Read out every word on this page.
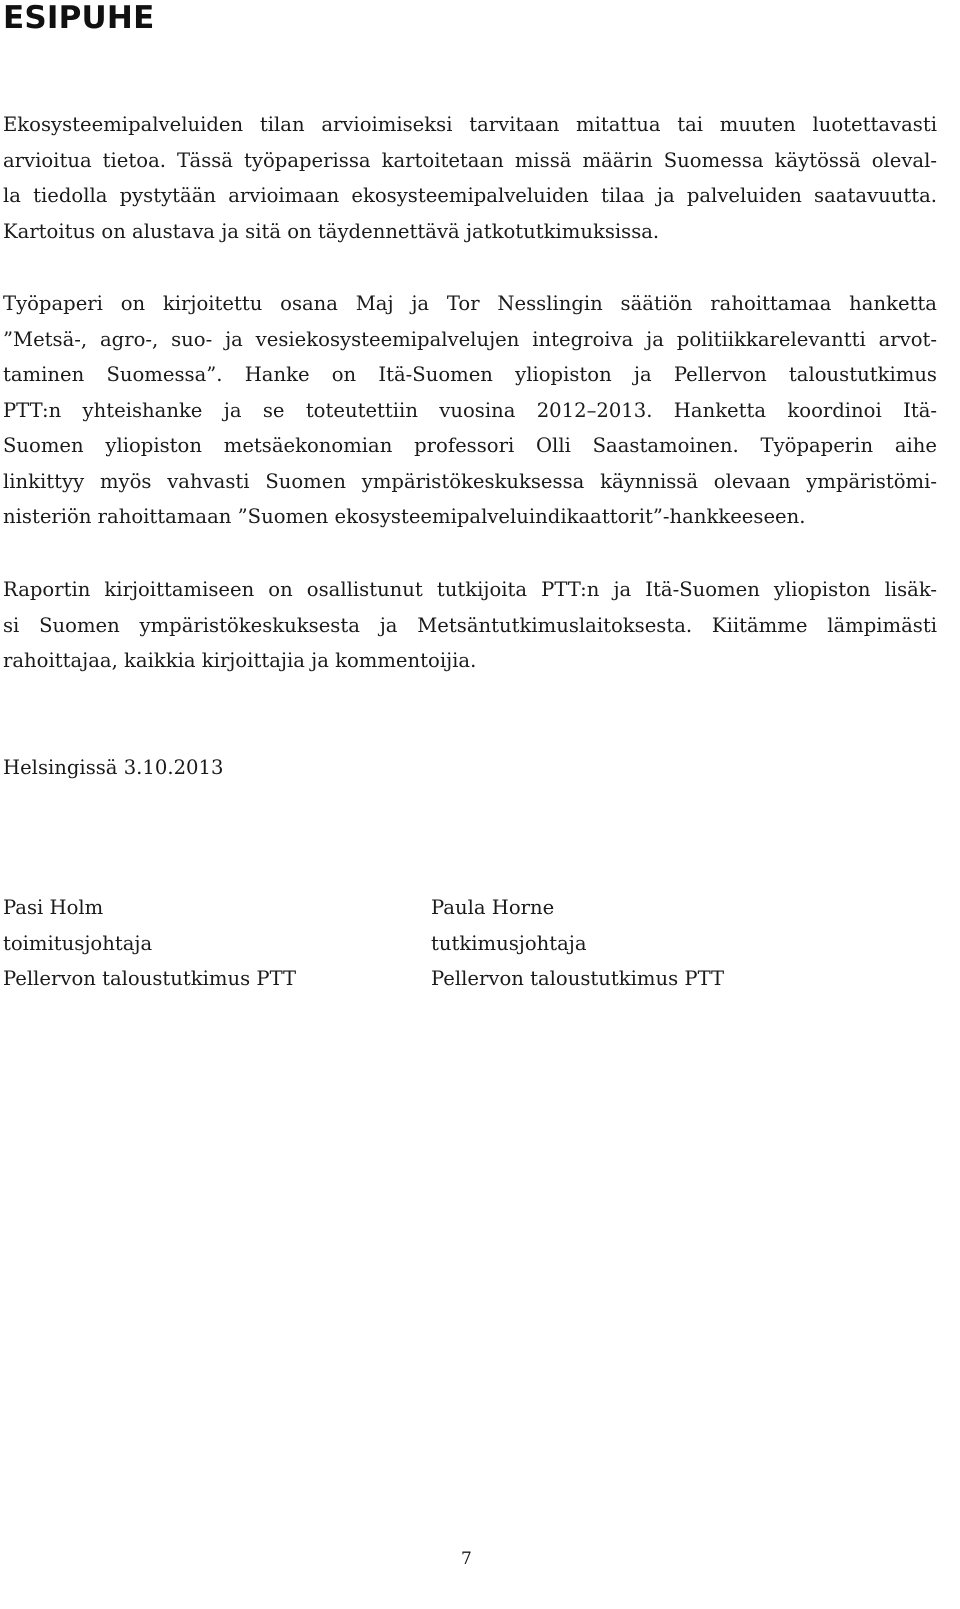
ESIPUHE

Ekosysteemipalveluiden tilan arvioimiseksi tarvitaan mitattua tai muuten luotettavasti
arvioitua tietoa. Tässä työpaperissa kartoitetaan missä määrin Suomessa käytössä oleval-
la tiedolla pystytään arvioimaan ekosysteemipalveluiden tilaa ja palveluiden saatavuutta.
Kartoitus on alustava ja sitä on täydennettävä jatkotutkimuksissa.

Työpaperi on kirjoitettu osana Maj ja Tor Nesslingin säätiön rahoittamaa hanketta
”Metsä-, agro-, suo- ja vesiekosysteemipalvelujen integroiva ja politiikkarelevantti arvot-
taminen Suomessa”. Hanke on Itä-Suomen yliopiston ja Pellervon taloustutkimus
PTT:n yhteishanke ja se toteutettiin vuosina 2012–2013. Hanketta koordinoi Itä-
Suomen yliopiston metsäekonomian professori Olli Saastamoinen. Työpaperin aihe
linkittyy myös vahvasti Suomen ympäristökeskuksessa käynnissä olevaan ympäristömi-
nisteriön rahoittamaan ”Suomen ekosysteemipalveluindikaattorit”-hankkeeseen.

Raportin kirjoittamiseen on osallistunut tutkijoita PTT:n ja Itä-Suomen yliopiston lisäk-
si Suomen ympäristökeskuksesta ja Metsäntutkimuslaitoksesta. Kiitämme lämpimästi
rahoittajaa, kaikkia kirjoittajia ja kommentoijia.

Helsingissä 3.10.2013

Pasi Holm
toimitusjohtaja
Pellervon taloustutkimus PTT
Paula Horne
tutkimusjohtaja
Pellervon taloustutkimus PTT

7
